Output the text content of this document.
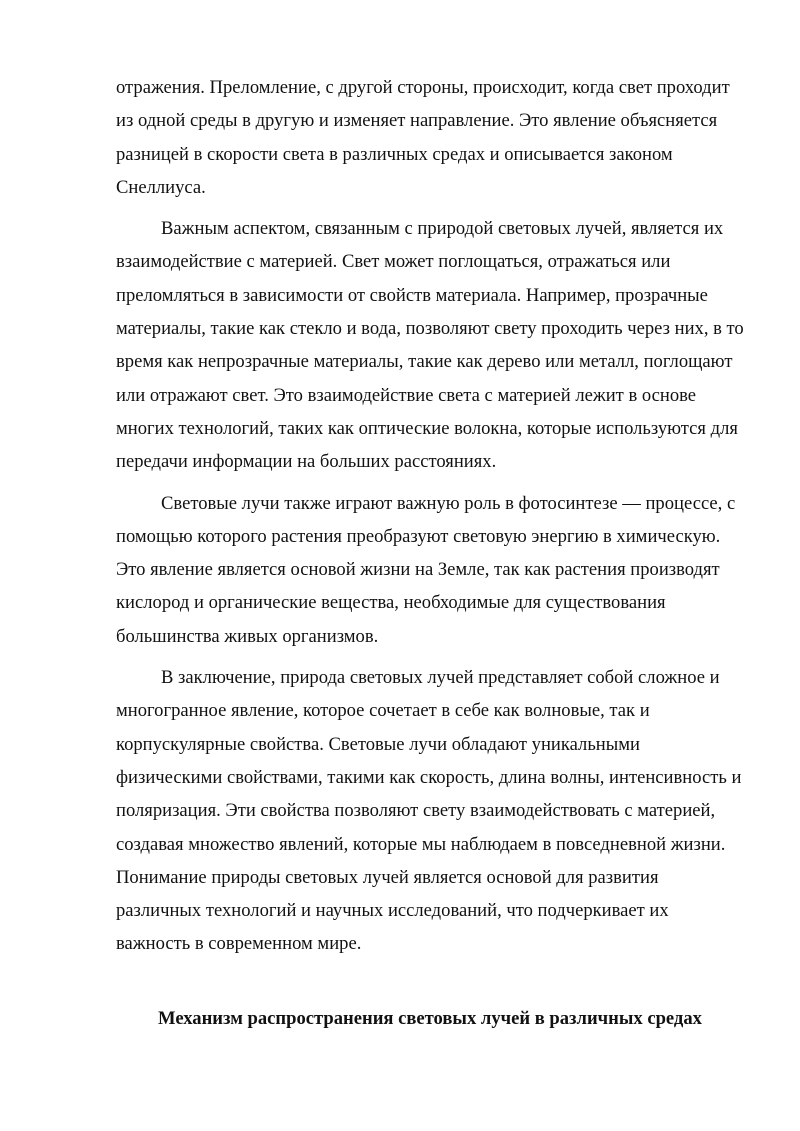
отражения. Преломление, с другой стороны, происходит, когда свет проходит из одной среды в другую и изменяет направление. Это явление объясняется разницей в скорости света в различных средах и описывается законом Снеллиуса.

Важным аспектом, связанным с природой световых лучей, является их взаимодействие с материей. Свет может поглощаться, отражаться или преломляться в зависимости от свойств материала. Например, прозрачные материалы, такие как стекло и вода, позволяют свету проходить через них, в то время как непрозрачные материалы, такие как дерево или металл, поглощают или отражают свет. Это взаимодействие света с материей лежит в основе многих технологий, таких как оптические волокна, которые используются для передачи информации на больших расстояниях.

Световые лучи также играют важную роль в фотосинтезе — процессе, с помощью которого растения преобразуют световую энергию в химическую. Это явление является основой жизни на Земле, так как растения производят кислород и органические вещества, необходимые для существования большинства живых организмов.

В заключение, природа световых лучей представляет собой сложное и многогранное явление, которое сочетает в себе как волновые, так и корпускулярные свойства. Световые лучи обладают уникальными физическими свойствами, такими как скорость, длина волны, интенсивность и поляризация. Эти свойства позволяют свету взаимодействовать с материей, создавая множество явлений, которые мы наблюдаем в повседневной жизни. Понимание природы световых лучей является основой для развития различных технологий и научных исследований, что подчеркивает их важность в современном мире.

Механизм распространения световых лучей в различных средах
